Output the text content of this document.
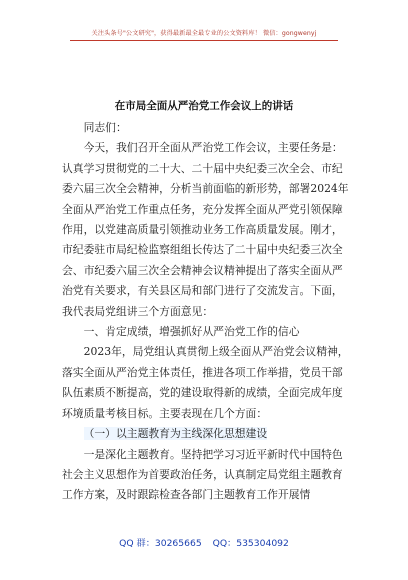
关注头条号"公文研究"，获得最新最全最专业的公文资料库！ 微信：gongwenyj
在市局全面从严治党工作会议上的讲话

同志们：

今天，我们召开全面从严治党工作会议，主要任务是：认真学习贯彻党的二十大、二十届中央纪委三次全会、市纪委六届三次全会精神，分析当前面临的新形势，部署2024年全面从严治党工作重点任务，充分发挥全面从严党引领保障作用，以党建高质量引领推动业务工作高质量发展。刚才，市纪委驻市局纪检监察组组长传达了二十届中央纪委三次全会、市纪委六届三次全会精神会议精神提出了落实全面从严治党有关要求，有关县区局和部门进行了交流发言。下面，我代表局党组讲三个方面意见：

一、肯定成绩，增强抓好从严治党工作的信心

2023年，局党组认真贯彻上级全面从严治党会议精神，落实全面从严治党主体责任，推进各项工作举措，党员干部队伍素质不断提高，党的建设取得新的成绩，全面完成年度环境质量考核目标。主要表现在几个方面：

（一）以主题教育为主线深化思想建设

一是深化主题教育。坚持把学习习近平新时代中国特色社会主义思想作为首要政治任务，认真制定局党组主题教育工作方案，及时跟踪检查各部门主题教育工作开展情

QQ 群：30265665 QQ：535304092
